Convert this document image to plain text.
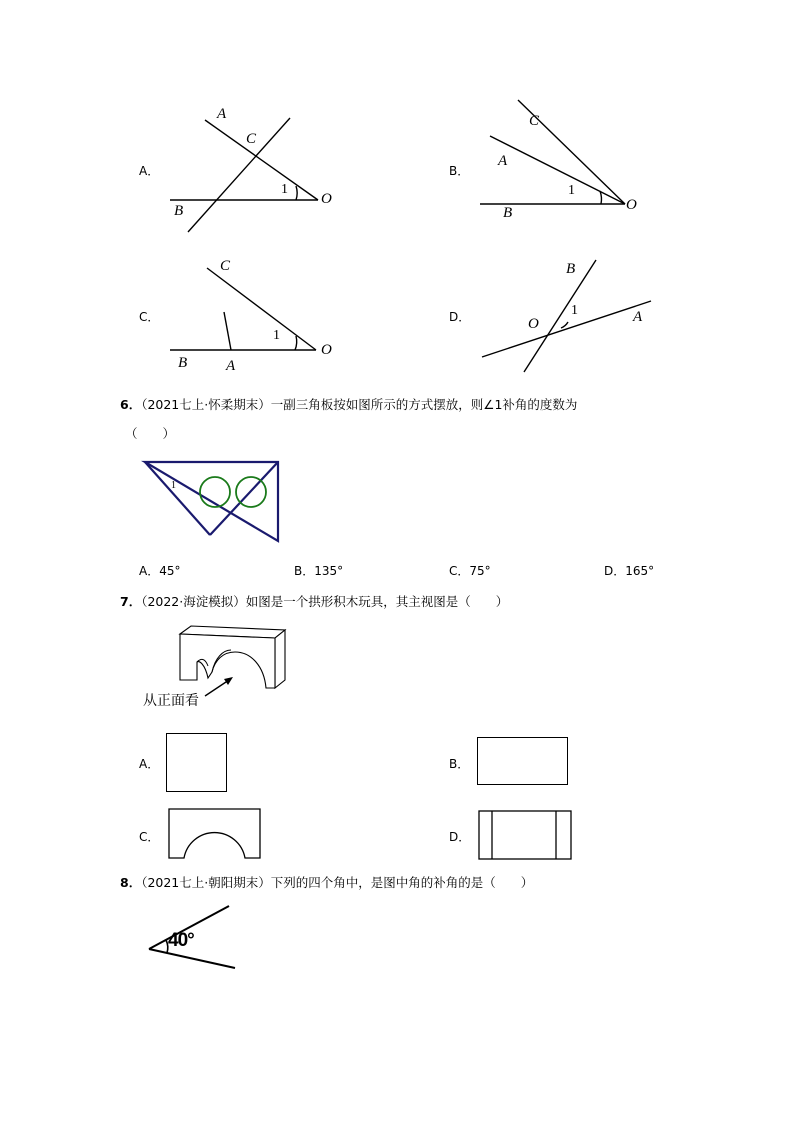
A．
A
C
B
O
1
B．
C
A
B	O
1
C．
C
B	A
O
1
D．
B
O	A
1
6．（2021七上·怀柔期末）一副三角板按如图所示的方式摆放，则∠1补角的度数为
（　　）
1
A．45°	B．135°	C．75°	D．165°
7．（2022·海淀模拟）如图是一个拱形积木玩具，其主视图是（　　）
从正面看
A．	B．
C．	D．
8．（2021七上·朝阳期末）下列的四个角中，是图中角的补角的是（　　）
40°
